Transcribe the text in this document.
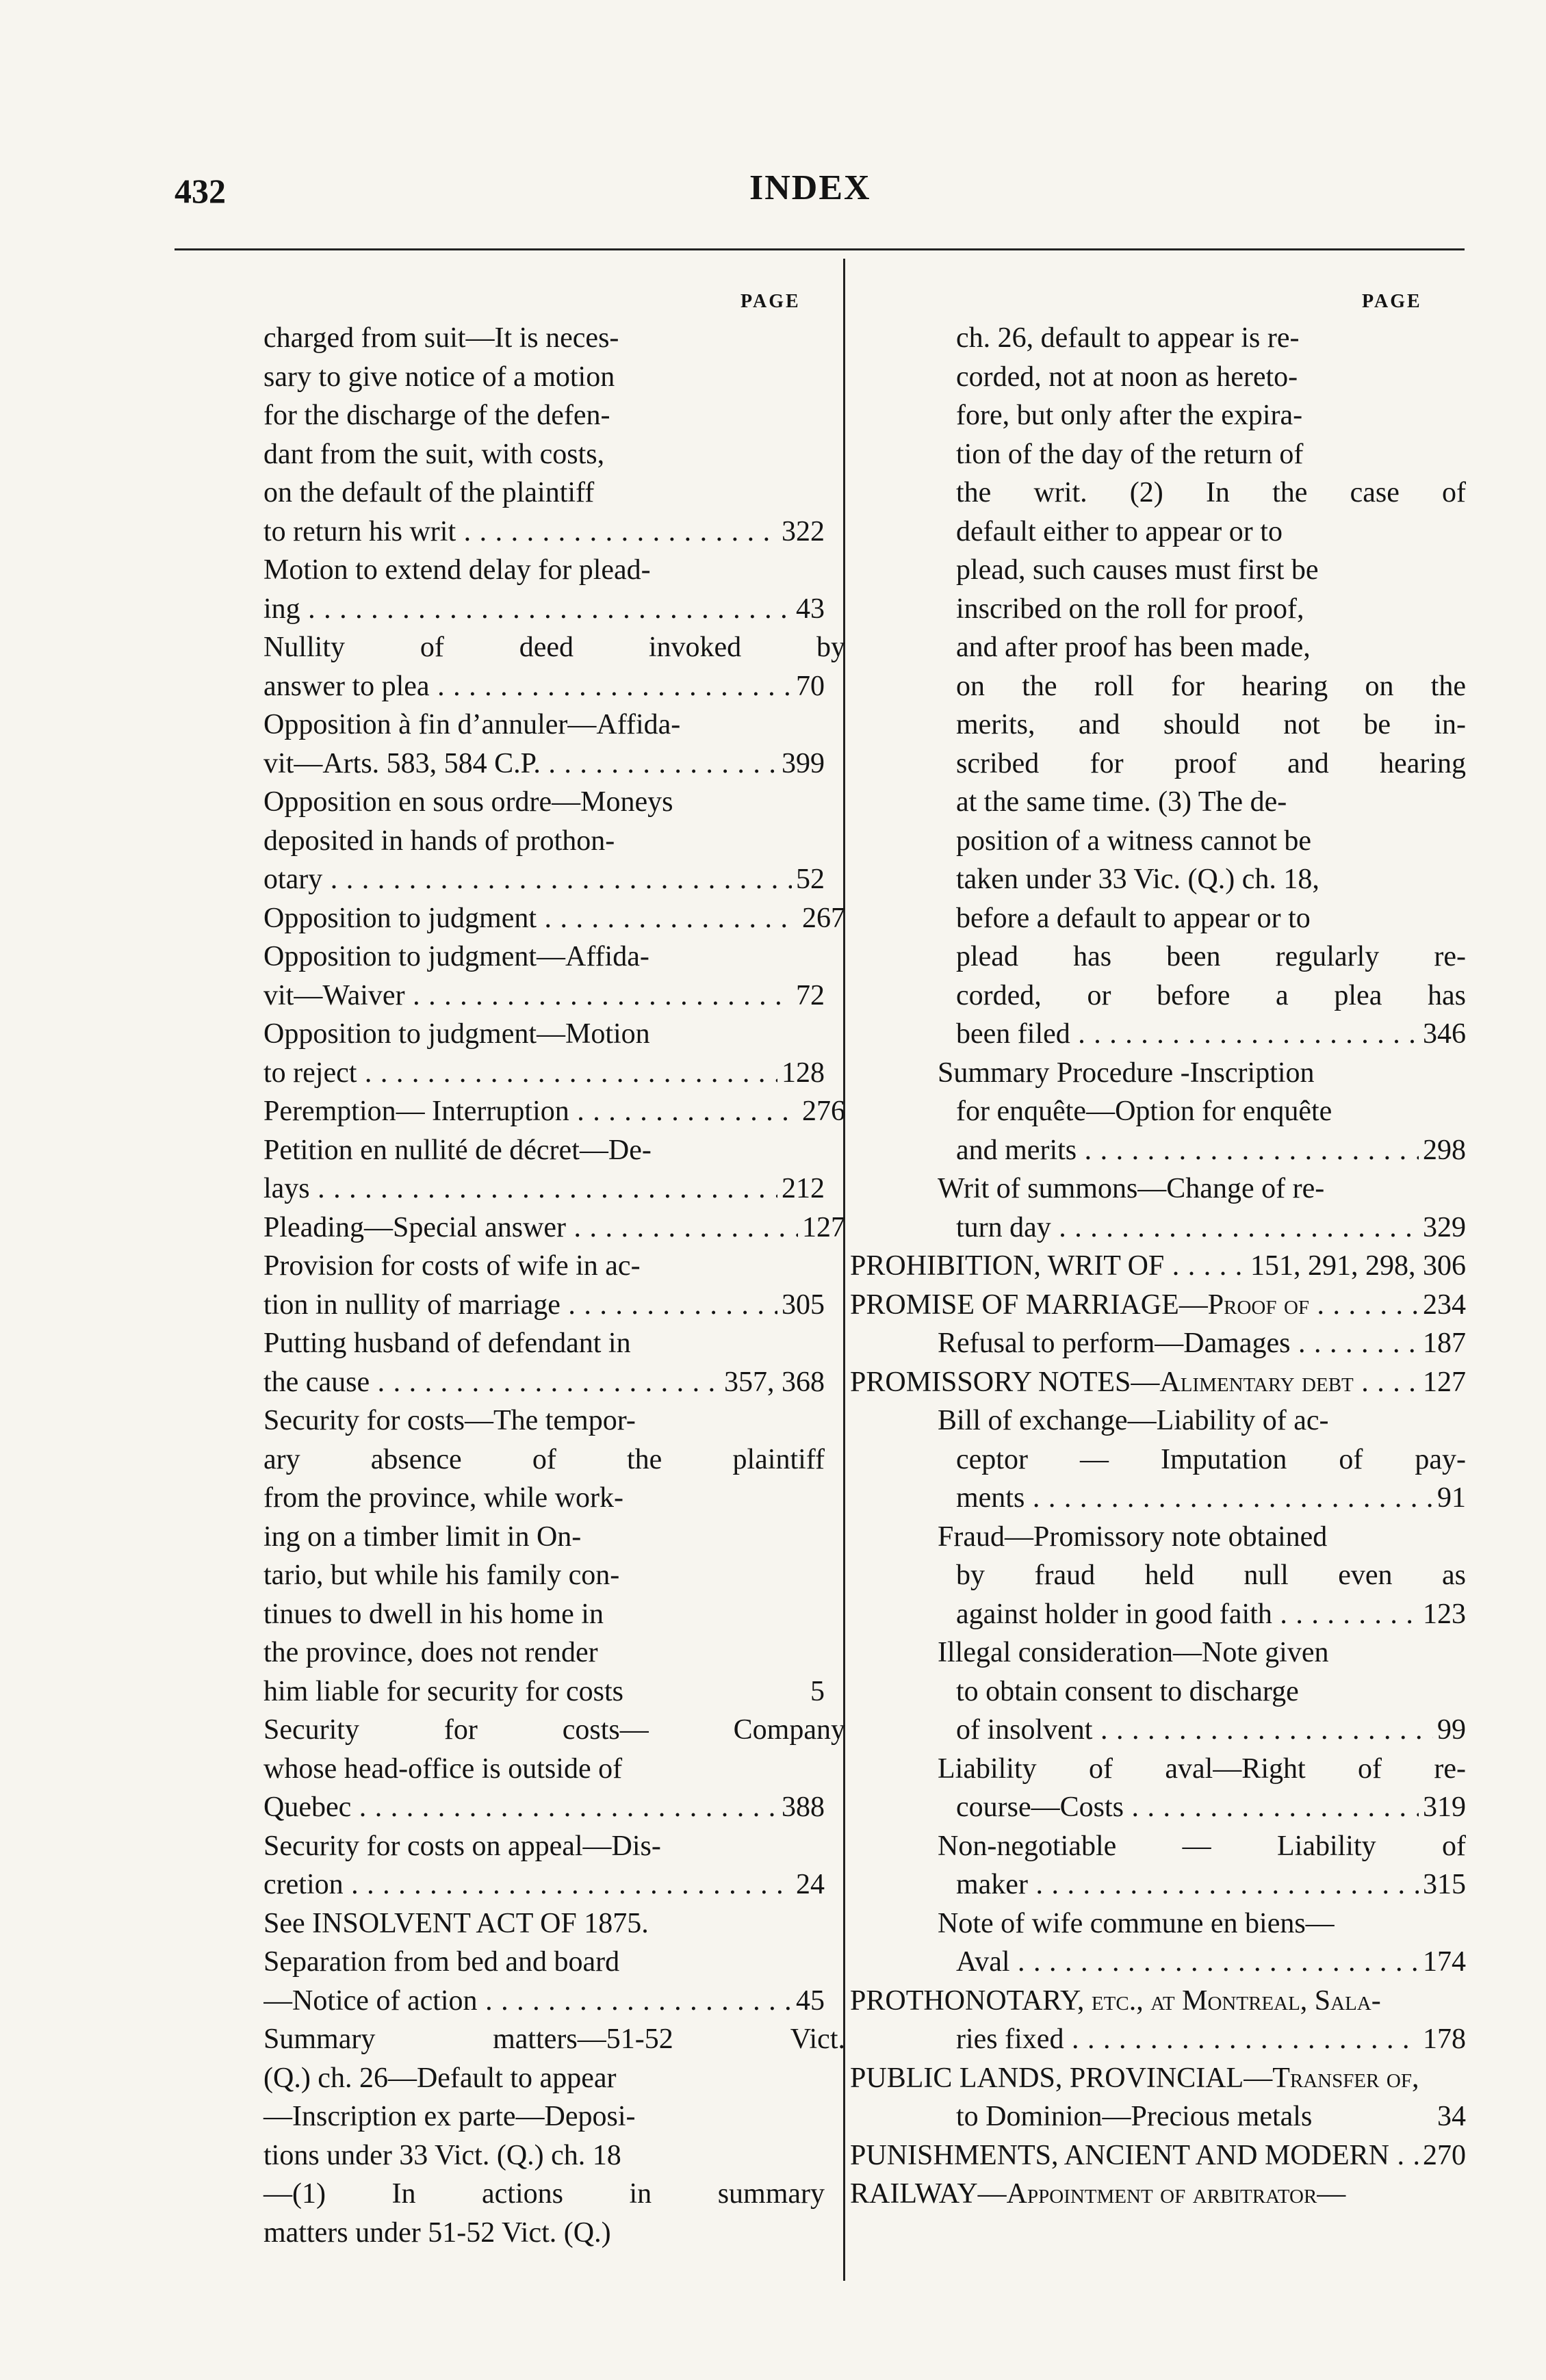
432	INDEX
PAGE	PAGE
charged from suit—It is neces-
sary to give notice of a motion
for the discharge of the defen-
dant from the suit, with costs,
on the default of the plaintiff
to return his writ . . .	322
Motion to extend delay for plead-
ing . . .	43
Nullity of deed invoked by
answer to plea . . .	70
Opposition à fin d’annuler—Affida-
vit—Arts. 583, 584 C.P. . . .	399
Opposition en sous ordre—Moneys
deposited in hands of prothon-
otary . . .	52
Opposition to judgment . . .	267
Opposition to judgment—Affida-
vit—Waiver . . .	72
Opposition to judgment—Motion
to reject . . .	128
Peremption— Interruption . . .	276
Petition en nullité de décret—De-
lays . . .	212
Pleading—Special answer . . .	127
Provision for costs of wife in ac-
tion in nullity of marriage . . .	305
Putting husband of defendant in
the cause . . .	357, 368
Security for costs—The tempor-
ary absence of the plaintiff
from the province, while work-
ing on a timber limit in On-
tario, but while his family con-
tinues to dwell in his home in
the province, does not render
him liable for security for costs	5
Security for costs— Company
whose head-office is outside of
Quebec . . .	388
Security for costs on appeal—Dis-
cretion . . .	24
See INSOLVENT ACT OF 1875.
Separation from bed and board
—Notice of action . . .	45
Summary matters—51-52 Vict.
(Q.) ch. 26—Default to appear
—Inscription ex parte—Deposi-
tions under 33 Vict. (Q.) ch. 18
—(1) In actions in summary
matters under 51-52 Vict. (Q.)
ch. 26, default to appear is re-
corded, not at noon as hereto-
fore, but only after the expira-
tion of the day of the return of
the writ. (2) In the case of
default either to appear or to
plead, such causes must first be
inscribed on the roll for proof,
and after proof has been made,
on the roll for hearing on the
merits, and should not be in-
scribed for proof and hearing
at the same time. (3) The de-
position of a witness cannot be
taken under 33 Vic. (Q.) ch. 18,
before a default to appear or to
plead has been regularly re-
corded, or before a plea has
been filed . . .	346
Summary Procedure -Inscription
for enquête—Option for enquête
and merits . . .	298
Writ of summons—Change of re-
turn day . . .	329
PROHIBITION, WRIT OF . . .	151, 291, 298, 306
PROMISE OF MARRIAGE—Proof of . . .	234
Refusal to perform—Damages . . .	187
PROMISSORY NOTES—Alimentary debt . . .	127
Bill of exchange—Liability of ac-
ceptor — Imputation of pay-
ments . . .	91
Fraud—Promissory note obtained
by fraud held null even as
against holder in good faith . . .	123
Illegal consideration—Note given
to obtain consent to discharge
of insolvent . . .	99
Liability of aval—Right of re-
course—Costs . . .	319
Non-negotiable — Liability of
maker . . .	315
Note of wife commune en biens—
Aval . . .	174
PROTHONOTARY, etc., at Montreal, Sala-
ries fixed . . .	178
PUBLIC LANDS, PROVINCIAL—Transfer of,
to Dominion—Precious metals	34
PUNISHMENTS, ANCIENT AND MODERN . . .	270
RAILWAY—Appointment of arbitrator—
